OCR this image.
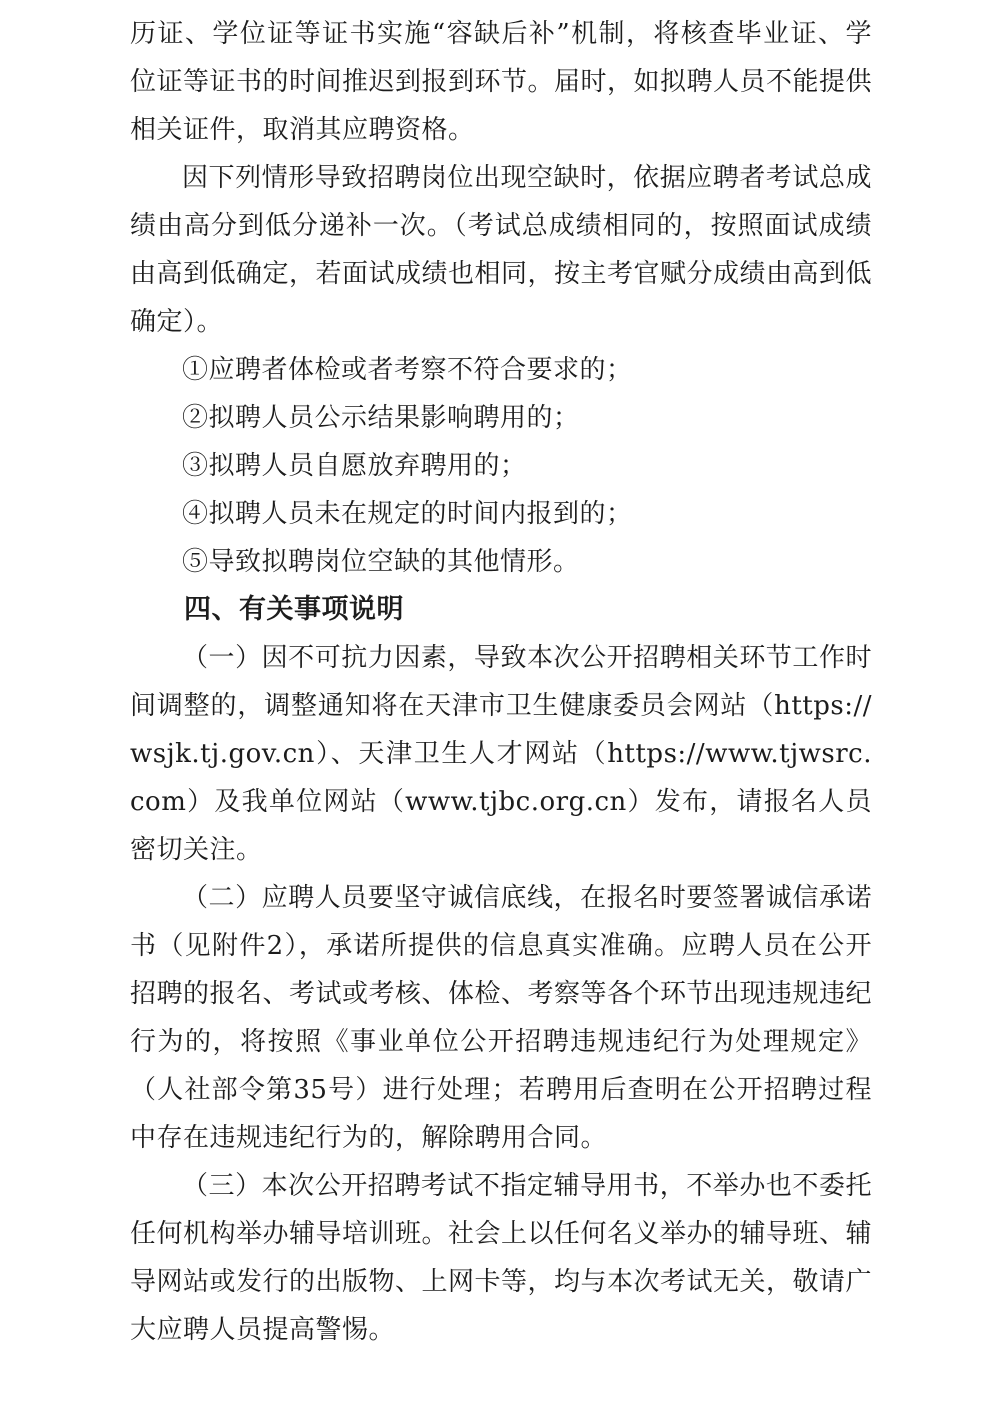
历证、学位证等证书实施“容缺后补”机制，将核查毕业证、学位证等证书的时间推迟到报到环节。届时，如拟聘人员不能提供相关证件，取消其应聘资格。

因下列情形导致招聘岗位出现空缺时，依据应聘者考试总成绩由高分到低分递补一次。（考试总成绩相同的，按照面试成绩由高到低确定，若面试成绩也相同，按主考官赋分成绩由高到低确定）。

①应聘者体检或者考察不符合要求的；

②拟聘人员公示结果影响聘用的；

③拟聘人员自愿放弃聘用的；

④拟聘人员未在规定的时间内报到的；

⑤导致拟聘岗位空缺的其他情形。

四、有关事项说明

（一）因不可抗力因素，导致本次公开招聘相关环节工作时间调整的，调整通知将在天津市卫生健康委员会网站（https://wsjk.tj.gov.cn）、天津卫生人才网站（https://www.tjwsrc.com）及我单位网站（www.tjbc.org.cn）发布，请报名人员密切关注。

（二）应聘人员要坚守诚信底线，在报名时要签署诚信承诺书（见附件2），承诺所提供的信息真实准确。应聘人员在公开招聘的报名、考试或考核、体检、考察等各个环节出现违规违纪行为的，将按照《事业单位公开招聘违规违纪行为处理规定》（人社部令第35号）进行处理；若聘用后查明在公开招聘过程中存在违规违纪行为的，解除聘用合同。

（三）本次公开招聘考试不指定辅导用书，不举办也不委托任何机构举办辅导培训班。社会上以任何名义举办的辅导班、辅导网站或发行的出版物、上网卡等，均与本次考试无关，敬请广大应聘人员提高警惕。
